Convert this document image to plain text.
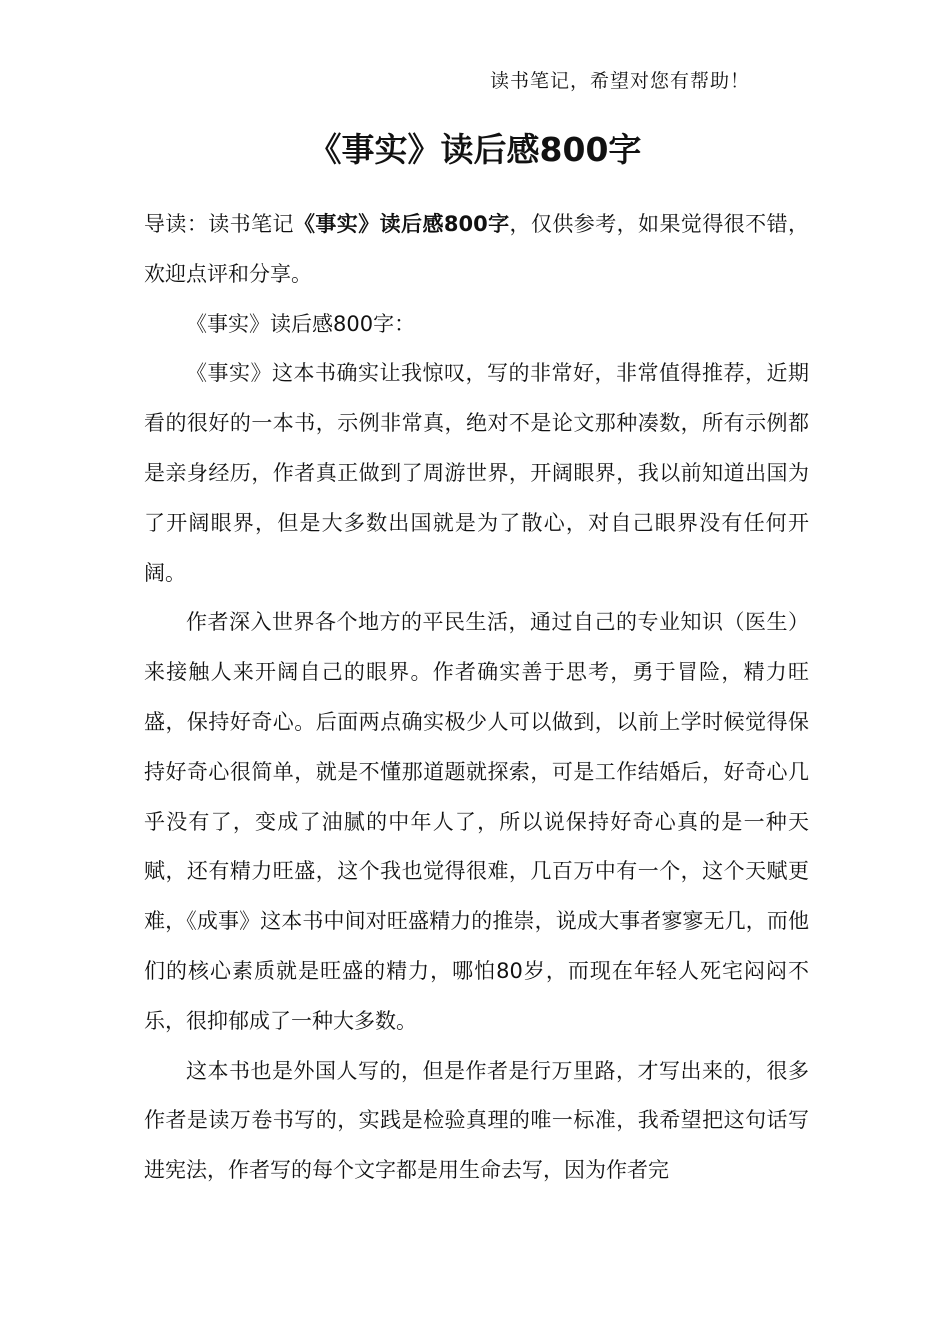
读书笔记，希望对您有帮助！
《事实》读后感800字

导读：读书笔记《事实》读后感800字，仅供参考，如果觉得很不错，欢迎点评和分享。

《事实》读后感800字：

《事实》这本书确实让我惊叹，写的非常好，非常值得推荐，近期看的很好的一本书，示例非常真，绝对不是论文那种凑数，所有示例都是亲身经历，作者真正做到了周游世界，开阔眼界，我以前知道出国为了开阔眼界，但是大多数出国就是为了散心，对自己眼界没有任何开阔。

作者深入世界各个地方的平民生活，通过自己的专业知识（医生）来接触人来开阔自己的眼界。作者确实善于思考，勇于冒险，精力旺盛，保持好奇心。后面两点确实极少人可以做到，以前上学时候觉得保持好奇心很简单，就是不懂那道题就探索，可是工作结婚后，好奇心几乎没有了，变成了油腻的中年人了，所以说保持好奇心真的是一种天赋，还有精力旺盛，这个我也觉得很难，几百万中有一个，这个天赋更难，《成事》这本书中间对旺盛精力的推崇，说成大事者寥寥无几，而他们的核心素质就是旺盛的精力，哪怕80岁，而现在年轻人死宅闷闷不乐，很抑郁成了一种大多数。

这本书也是外国人写的，但是作者是行万里路，才写出来的，很多作者是读万卷书写的，实践是检验真理的唯一标准，我希望把这句话写进宪法，作者写的每个文字都是用生命去写，因为作者完
